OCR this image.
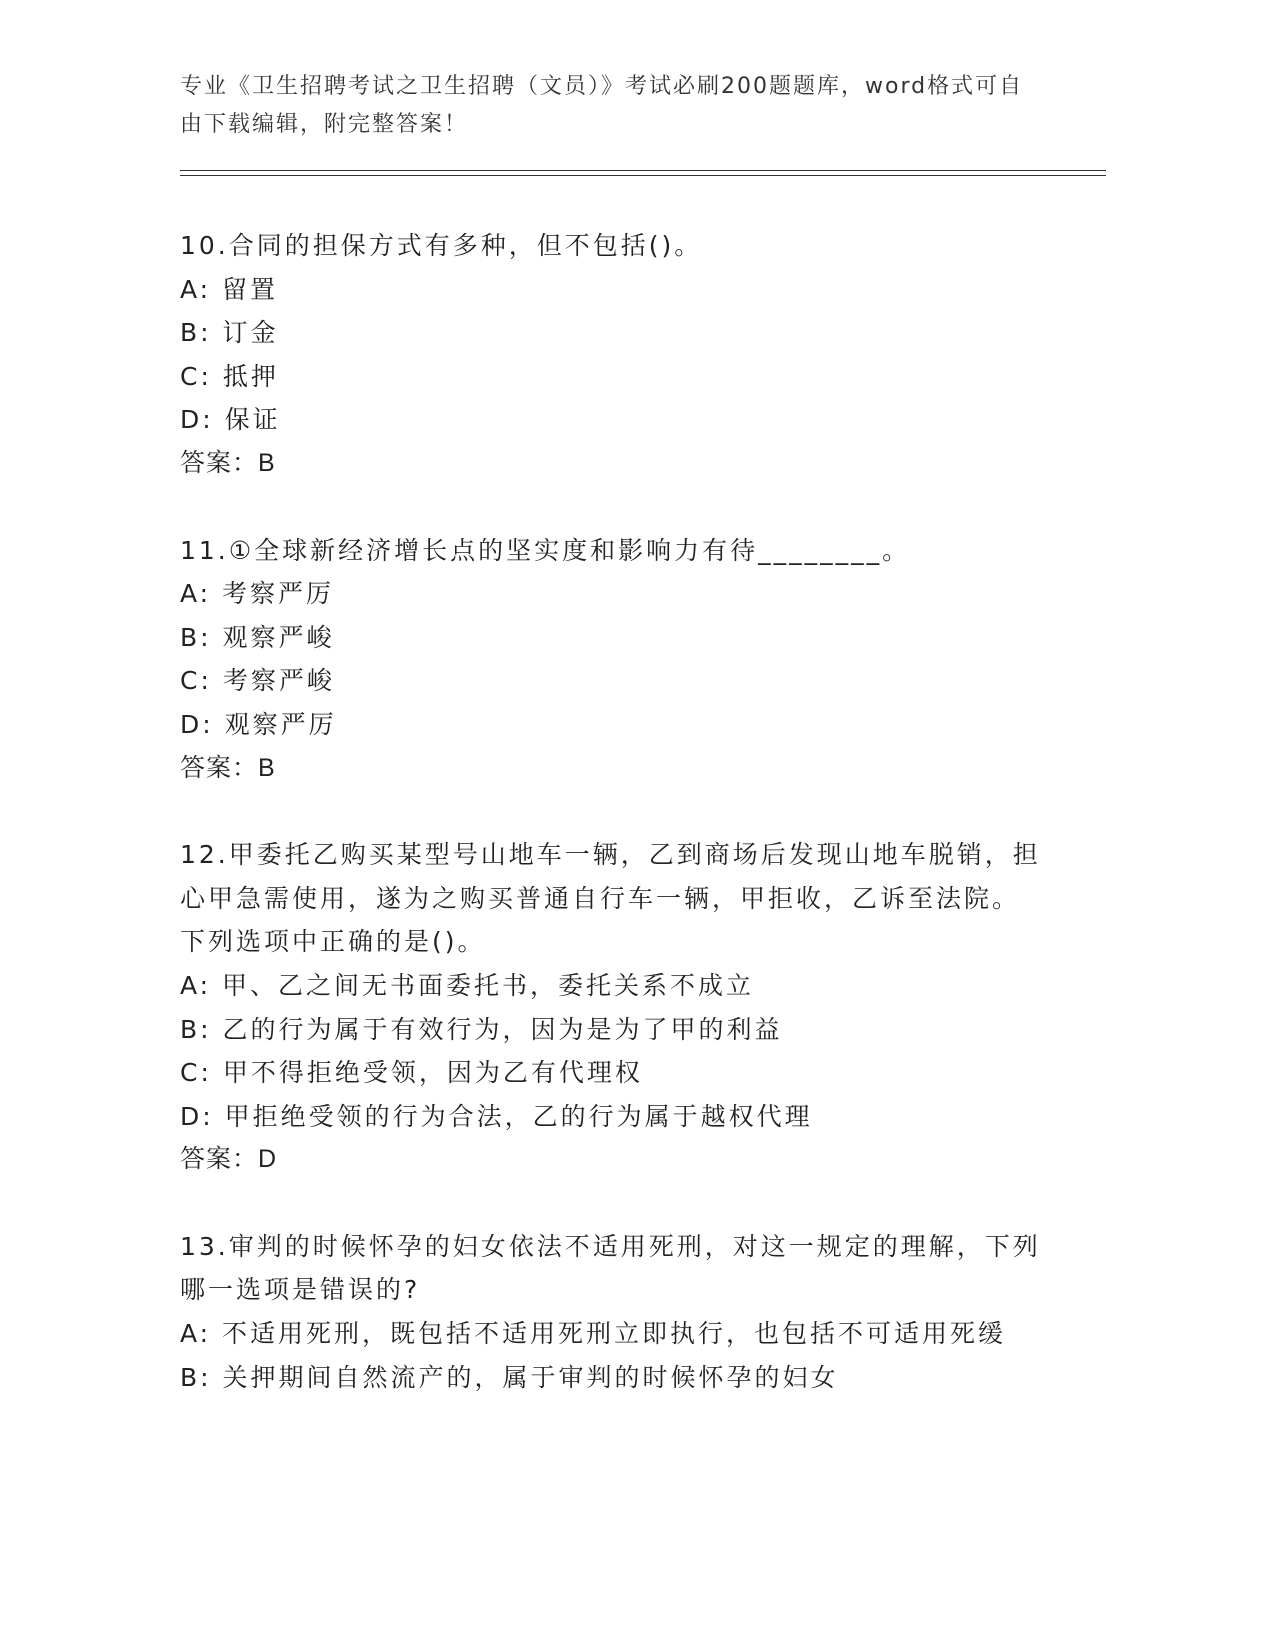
专业《卫生招聘考试之卫生招聘（文员）》考试必刷200题题库，word格式可自
由下载编辑，附完整答案！
10.合同的担保方式有多种，但不包括()。
A: 留置
B: 订金
C: 抵押
D: 保证
答案：B
11.①全球新经济增长点的坚实度和影响力有待________。
A: 考察严厉
B: 观察严峻
C: 考察严峻
D: 观察严厉
答案：B
12.甲委托乙购买某型号山地车一辆，乙到商场后发现山地车脱销，担
心甲急需使用，遂为之购买普通自行车一辆，甲拒收，乙诉至法院。
下列选项中正确的是()。
A: 甲、乙之间无书面委托书，委托关系不成立
B: 乙的行为属于有效行为，因为是为了甲的利益
C: 甲不得拒绝受领，因为乙有代理权
D: 甲拒绝受领的行为合法，乙的行为属于越权代理
答案：D
13.审判的时候怀孕的妇女依法不适用死刑，对这一规定的理解，下列
哪一选项是错误的?
A: 不适用死刑，既包括不适用死刑立即执行，也包括不可适用死缓
B: 关押期间自然流产的，属于审判的时候怀孕的妇女
